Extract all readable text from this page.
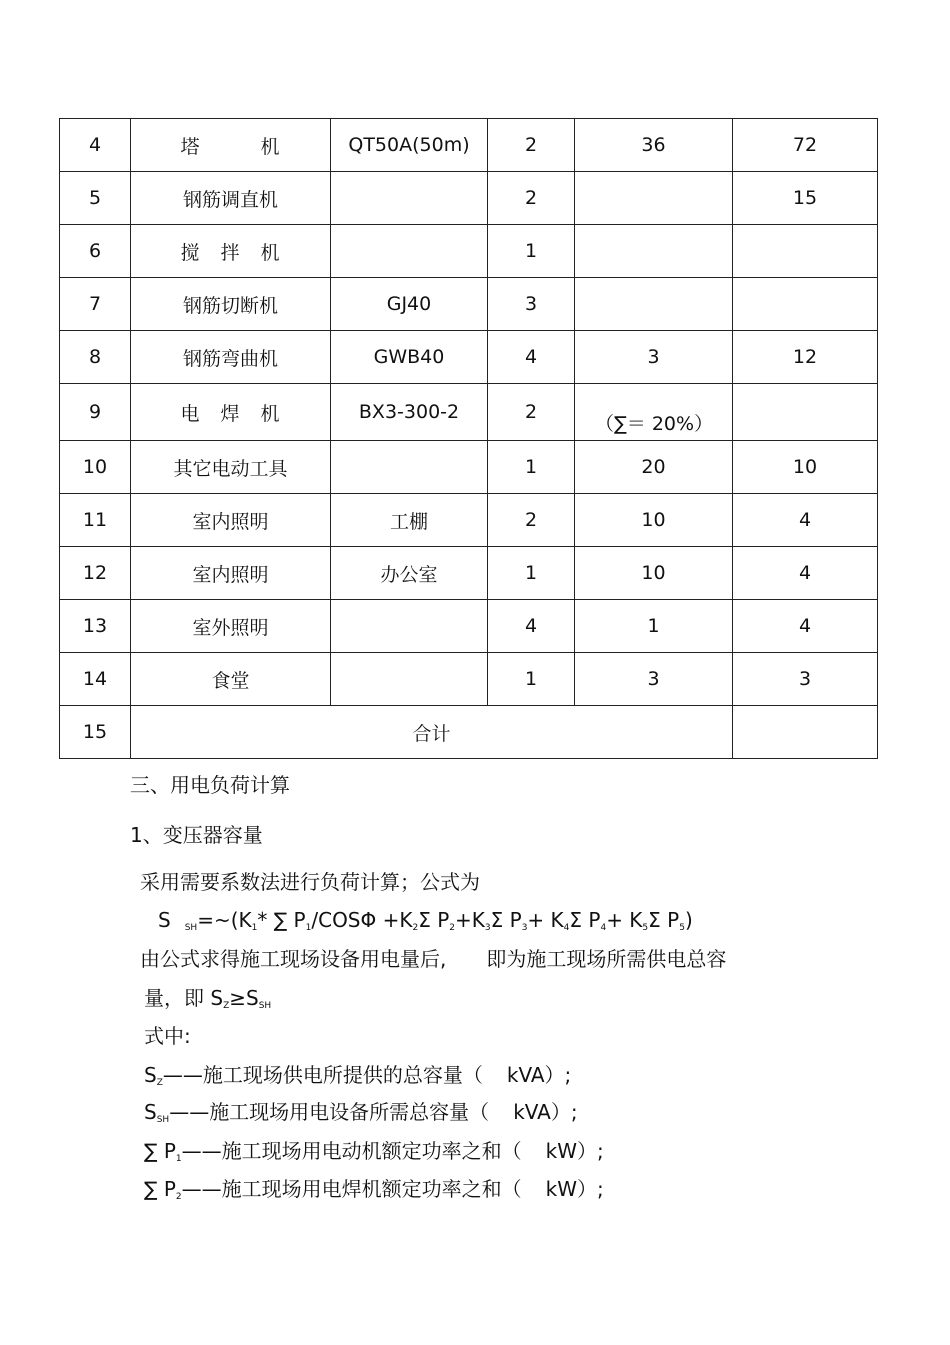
4	塔　　　机	QT50A(50m)	2	36	72
5	钢筋调直机		2		15
6	搅　拌　机		1		
7	钢筋切断机	GJ40	3		
8	钢筋弯曲机	GWB40	4	3	12
9	电　焊　机	BX3-300-2	2	（∑＝ 20%）	
10	其它电动工具		1	20	10
11	室内照明	工棚	2	10	4
12	室内照明	办公室	1	10	4
13	室外照明		4	1	4
14	食堂		1	3	3
15	合计				
三、用电负荷计算
1、变压器容量
采用需要系数法进行负荷计算；公式为
S $_{SH}=\sim(K_1*$ ∑ $P_1$/COSΦ $+K_2\Sigma$ $P_2+K_3\Sigma$ $P_3+ K_4\Sigma$ $P_4+ K_5\Sigma$ $P_5$)
由公式求得施工现场设备用电量后, 即为施工现场所需供电总容
量，即 $S_Z\ge S_{SH}$
式中:
$S_Z——$施工现场供电所提供的总容量（ kVA）;
$S_{SH}——$施工现场用电设备所需总容量（ kVA）;
∑ $P_1——$施工现场用电动机额定功率之和（ kW）;
∑ $P_2——$施工现场用电焊机额定功率之和（ kW）;
